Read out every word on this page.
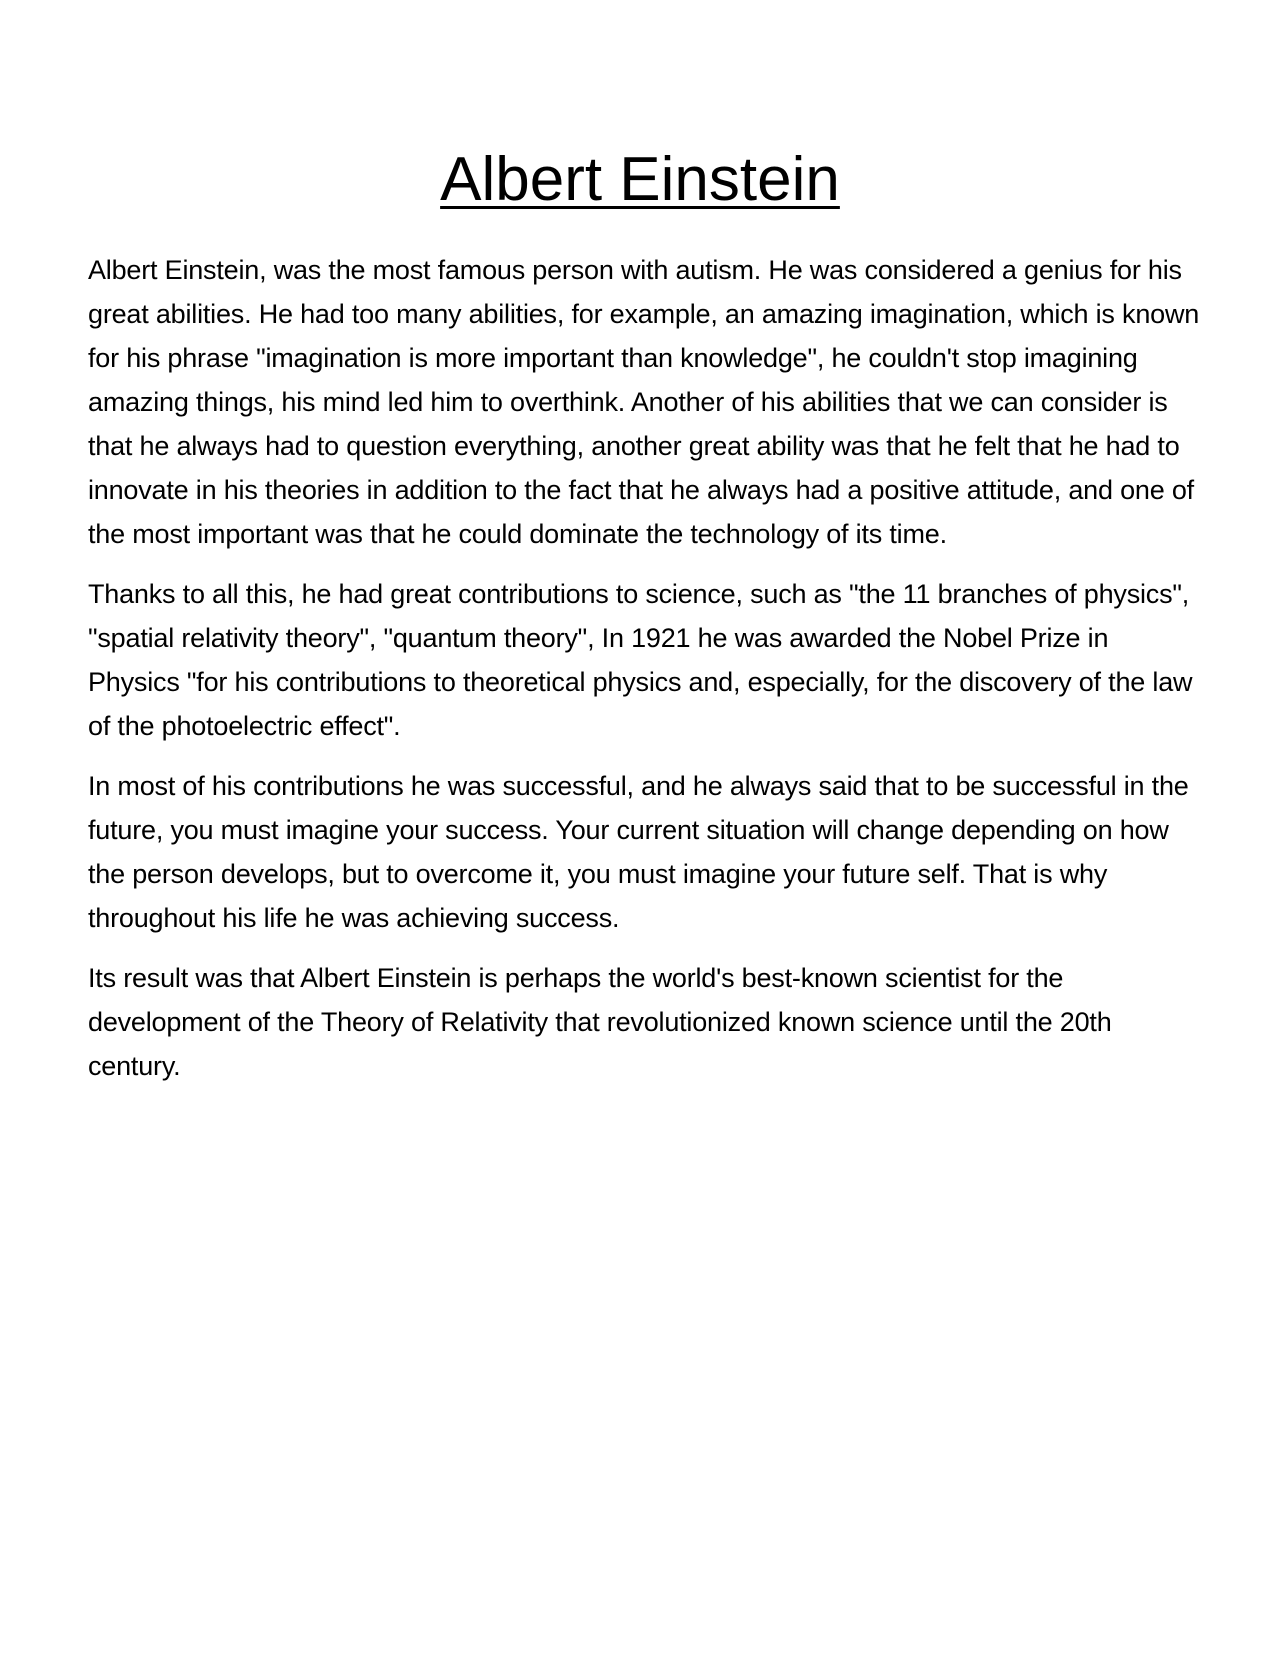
Albert Einstein

Albert Einstein, was the most famous person with autism. He was considered a genius for his great abilities. He had too many abilities, for example, an amazing imagination, which is known for his phrase "imagination is more important than knowledge", he couldn't stop imagining amazing things, his mind led him to overthink. Another of his abilities that we can consider is that he always had to question everything, another great ability was that he felt that he had to innovate in his theories in addition to the fact that he always had a positive attitude, and one of the most important was that he could dominate the technology of its time.

Thanks to all this, he had great contributions to science, such as "the 11 branches of physics", "spatial relativity theory", "quantum theory", In 1921 he was awarded the Nobel Prize in Physics "for his contributions to theoretical physics and, especially, for the discovery of the law of the photoelectric effect".

In most of his contributions he was successful, and he always said that to be successful in the future, you must imagine your success. Your current situation will change depending on how the person develops, but to overcome it, you must imagine your future self. That is why throughout his life he was achieving success.

Its result was that Albert Einstein is perhaps the world's best-known scientist for the development of the Theory of Relativity that revolutionized known science until the 20th century.
